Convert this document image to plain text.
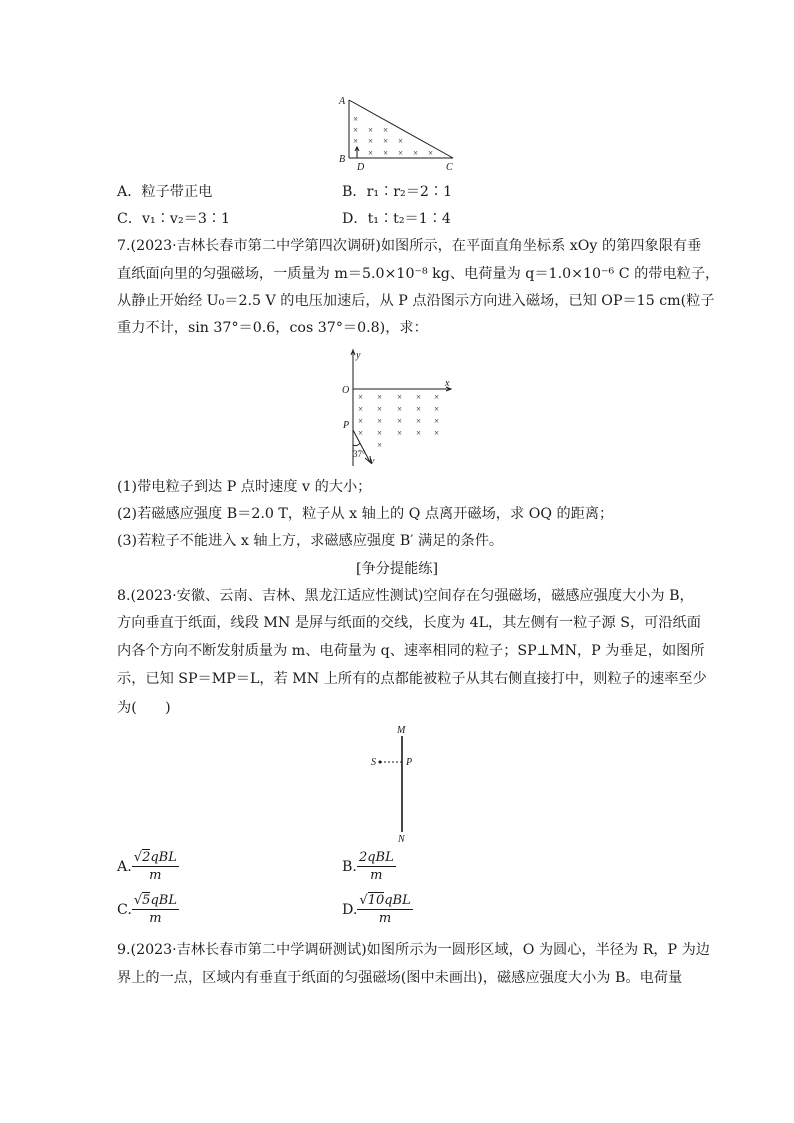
×
× × ×
× × × ×
× × × × ×
A
B
C
D
A．粒子带正电	B．r₁∶r₂＝2∶1
C．v₁∶v₂＝3∶1	D．t₁∶t₂＝1∶4
7.(2023·吉林长春市第二中学第四次调研)如图所示，在平面直角坐标系 xOy 的第四象限有垂
直纸面向里的匀强磁场，一质量为 m＝5.0×10⁻⁸ kg、电荷量为 q＝1.0×10⁻⁶ C 的带电粒子，
从静止开始经 U₀＝2.5 V 的电压加速后，从 P 点沿图示方向进入磁场，已知 OP＝15 cm(粒子
重力不计，sin 37°＝0.6，cos 37°＝0.8)，求：
× × × × ×
× × × × ×
× × × × ×
× × × × ×
×
y
O
x
P
v
37°
(1)带电粒子到达 P 点时速度 v 的大小；
(2)若磁感应强度 B＝2.0 T，粒子从 x 轴上的 Q 点离开磁场，求 OQ 的距离；
(3)若粒子不能进入 x 轴上方，求磁感应强度 B′ 满足的条件。
[争分提能练]
8.(2023·安徽、云南、吉林、黑龙江适应性测试)空间存在匀强磁场，磁感应强度大小为 B，
方向垂直于纸面，线段 MN 是屏与纸面的交线，长度为 4L，其左侧有一粒子源 S，可沿纸面
内各个方向不断发射质量为 m、电荷量为 q、速率相同的粒子；SP⊥MN，P 为垂足，如图所
示，已知 SP＝MP＝L，若 MN 上所有的点都能被粒子从其右侧直接打中，则粒子的速率至少
为(　　)
M
S	P
N
A. $\frac{\text{√2qBL}}{m}$	B. $\frac{\text{2qBL}}{m}$
C. $\frac{\text{√5qBL}}{m}$	D. $\frac{\text{√10qBL}}{m}$
9.(2023·吉林长春市第二中学调研测试)如图所示为一圆形区域，O 为圆心，半径为 R，P 为边
界上的一点，区域内有垂直于纸面的匀强磁场(图中未画出)，磁感应强度大小为 B。电荷量
